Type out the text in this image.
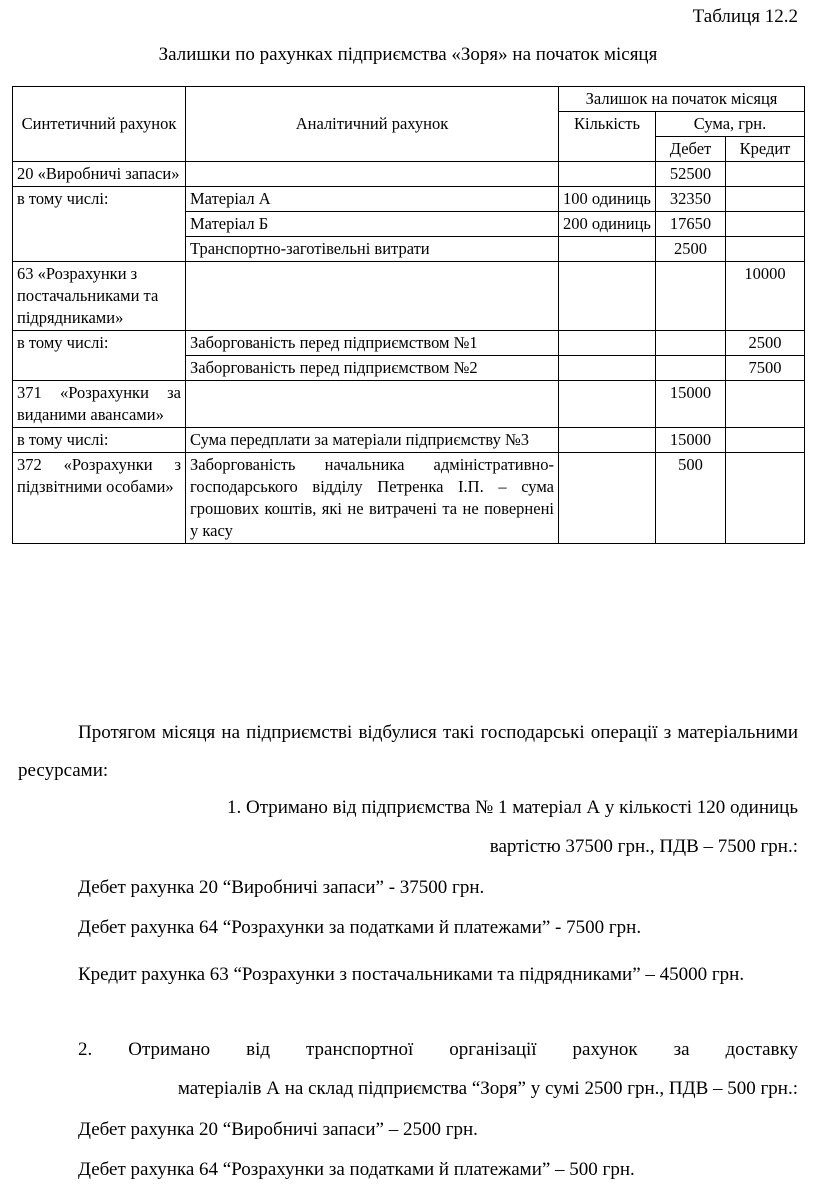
Таблиця 12.2
Залишки по рахунках підприємства «Зоря» на початок місяця
Синтетичний рахунок	Аналітичний рахунок	Залишок на початок місяця		
		Кількість	Сума, грн.	
			Дебет	Кредит
20 «Виробничі запаси»			52500	
в тому числі:	Матеріал А	100 одиниць	32350	
	Матеріал Б	200 одиниць	17650	
	Транспортно-заготівельні витрати		2500	
63 «Розрахунки з постачальниками та підрядниками»				10000
в тому числі:	Заборгованість перед підприємством №1			2500
	Заборгованість перед підприємством №2			7500
371 «Розрахунки за виданими авансами»			15000	
в тому числі:	Сума передплати за матеріали підприємству №3		15000	
372 «Розрахунки з підзвітними особами»	Заборгованість начальника адміністративно-господарського відділу Петренка І.П. – сума грошових коштів, які не витрачені та не повернені у касу		500	
Протягом місяця на підприємстві відбулися такі господарські операції з матеріальними ресурсами:
1. Отримано від підприємства № 1 матеріал А у кількості 120 одиниць
вартістю 37500 грн., ПДВ – 7500 грн.:
Дебет рахунка 20 “Виробничі запаси” - 37500 грн.
Дебет рахунка 64 “Розрахунки за податками й платежами” - 7500 грн.
Кредит рахунка 63 “Розрахунки з постачальниками та підрядниками” – 45000 грн.
2. Отримано від транспортної організації рахунок за доставку
матеріалів А на склад підприємства “Зоря” у сумі 2500 грн., ПДВ – 500 грн.:
Дебет рахунка 20 “Виробничі запаси” – 2500 грн.
Дебет рахунка 64 “Розрахунки за податками й платежами” – 500 грн.
